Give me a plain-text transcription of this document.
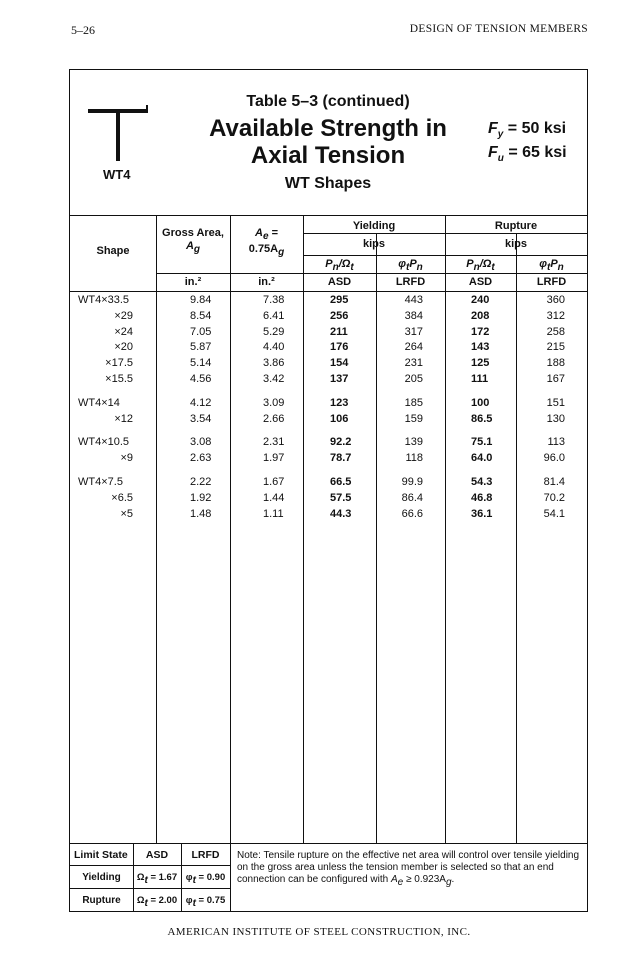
5–26	DESIGN OF TENSION MEMBERS
WT4
Table 5–3 (continued)
Available Strength in
Axial Tension
WT Shapes
$F_y = 50$ ksi
$F_u = 65$ ksi
Shape
Gross Area,
$A_g$
$A_e$ =
$0.75A_g$
Yielding	Rupture
kips	kips
$P_n/\Omega_t$	$\varphi_tP_n$	$P_n/\Omega_t$	$\varphi_tP_n$
in.²	in.²	ASD	LRFD	ASD	LRFD
WT4×33.5	9.84	7.38	295	443	240	360
×29	8.54	6.41	256	384	208	312
×24	7.05	5.29	211	317	172	258
×20	5.87	4.40	176	264	143	215
×17.5	5.14	3.86	154	231	125	188
×15.5	4.56	3.42	137	205	111	167
WT4×14	4.12	3.09	123	185	100	151
×12	3.54	2.66	106	159	86.5	130
WT4×10.5	3.08	2.31	92.2	139	75.1	113
×9	2.63	1.97	78.7	118	64.0	96.0
WT4×7.5	2.22	1.67	66.5	99.9	54.3	81.4
×6.5	1.92	1.44	57.5	86.4	46.8	70.2
×5	1.48	1.11	44.3	66.6	36.1	54.1
Limit State	ASD	LRFD
Yielding	$\Omega_t = 1.67$ $\varphi_t = 0.90$
Rupture	$\Omega_t = 2.00$ $\varphi_t = 0.75$
Note: Tensile rupture on the effective net area will control over tensile yielding on the gross area unless the tension member is selected so that an end connection can be configured with $A_e \ge 0.923A_g$.
AMERICAN INSTITUTE OF STEEL CONSTRUCTION, INC.
